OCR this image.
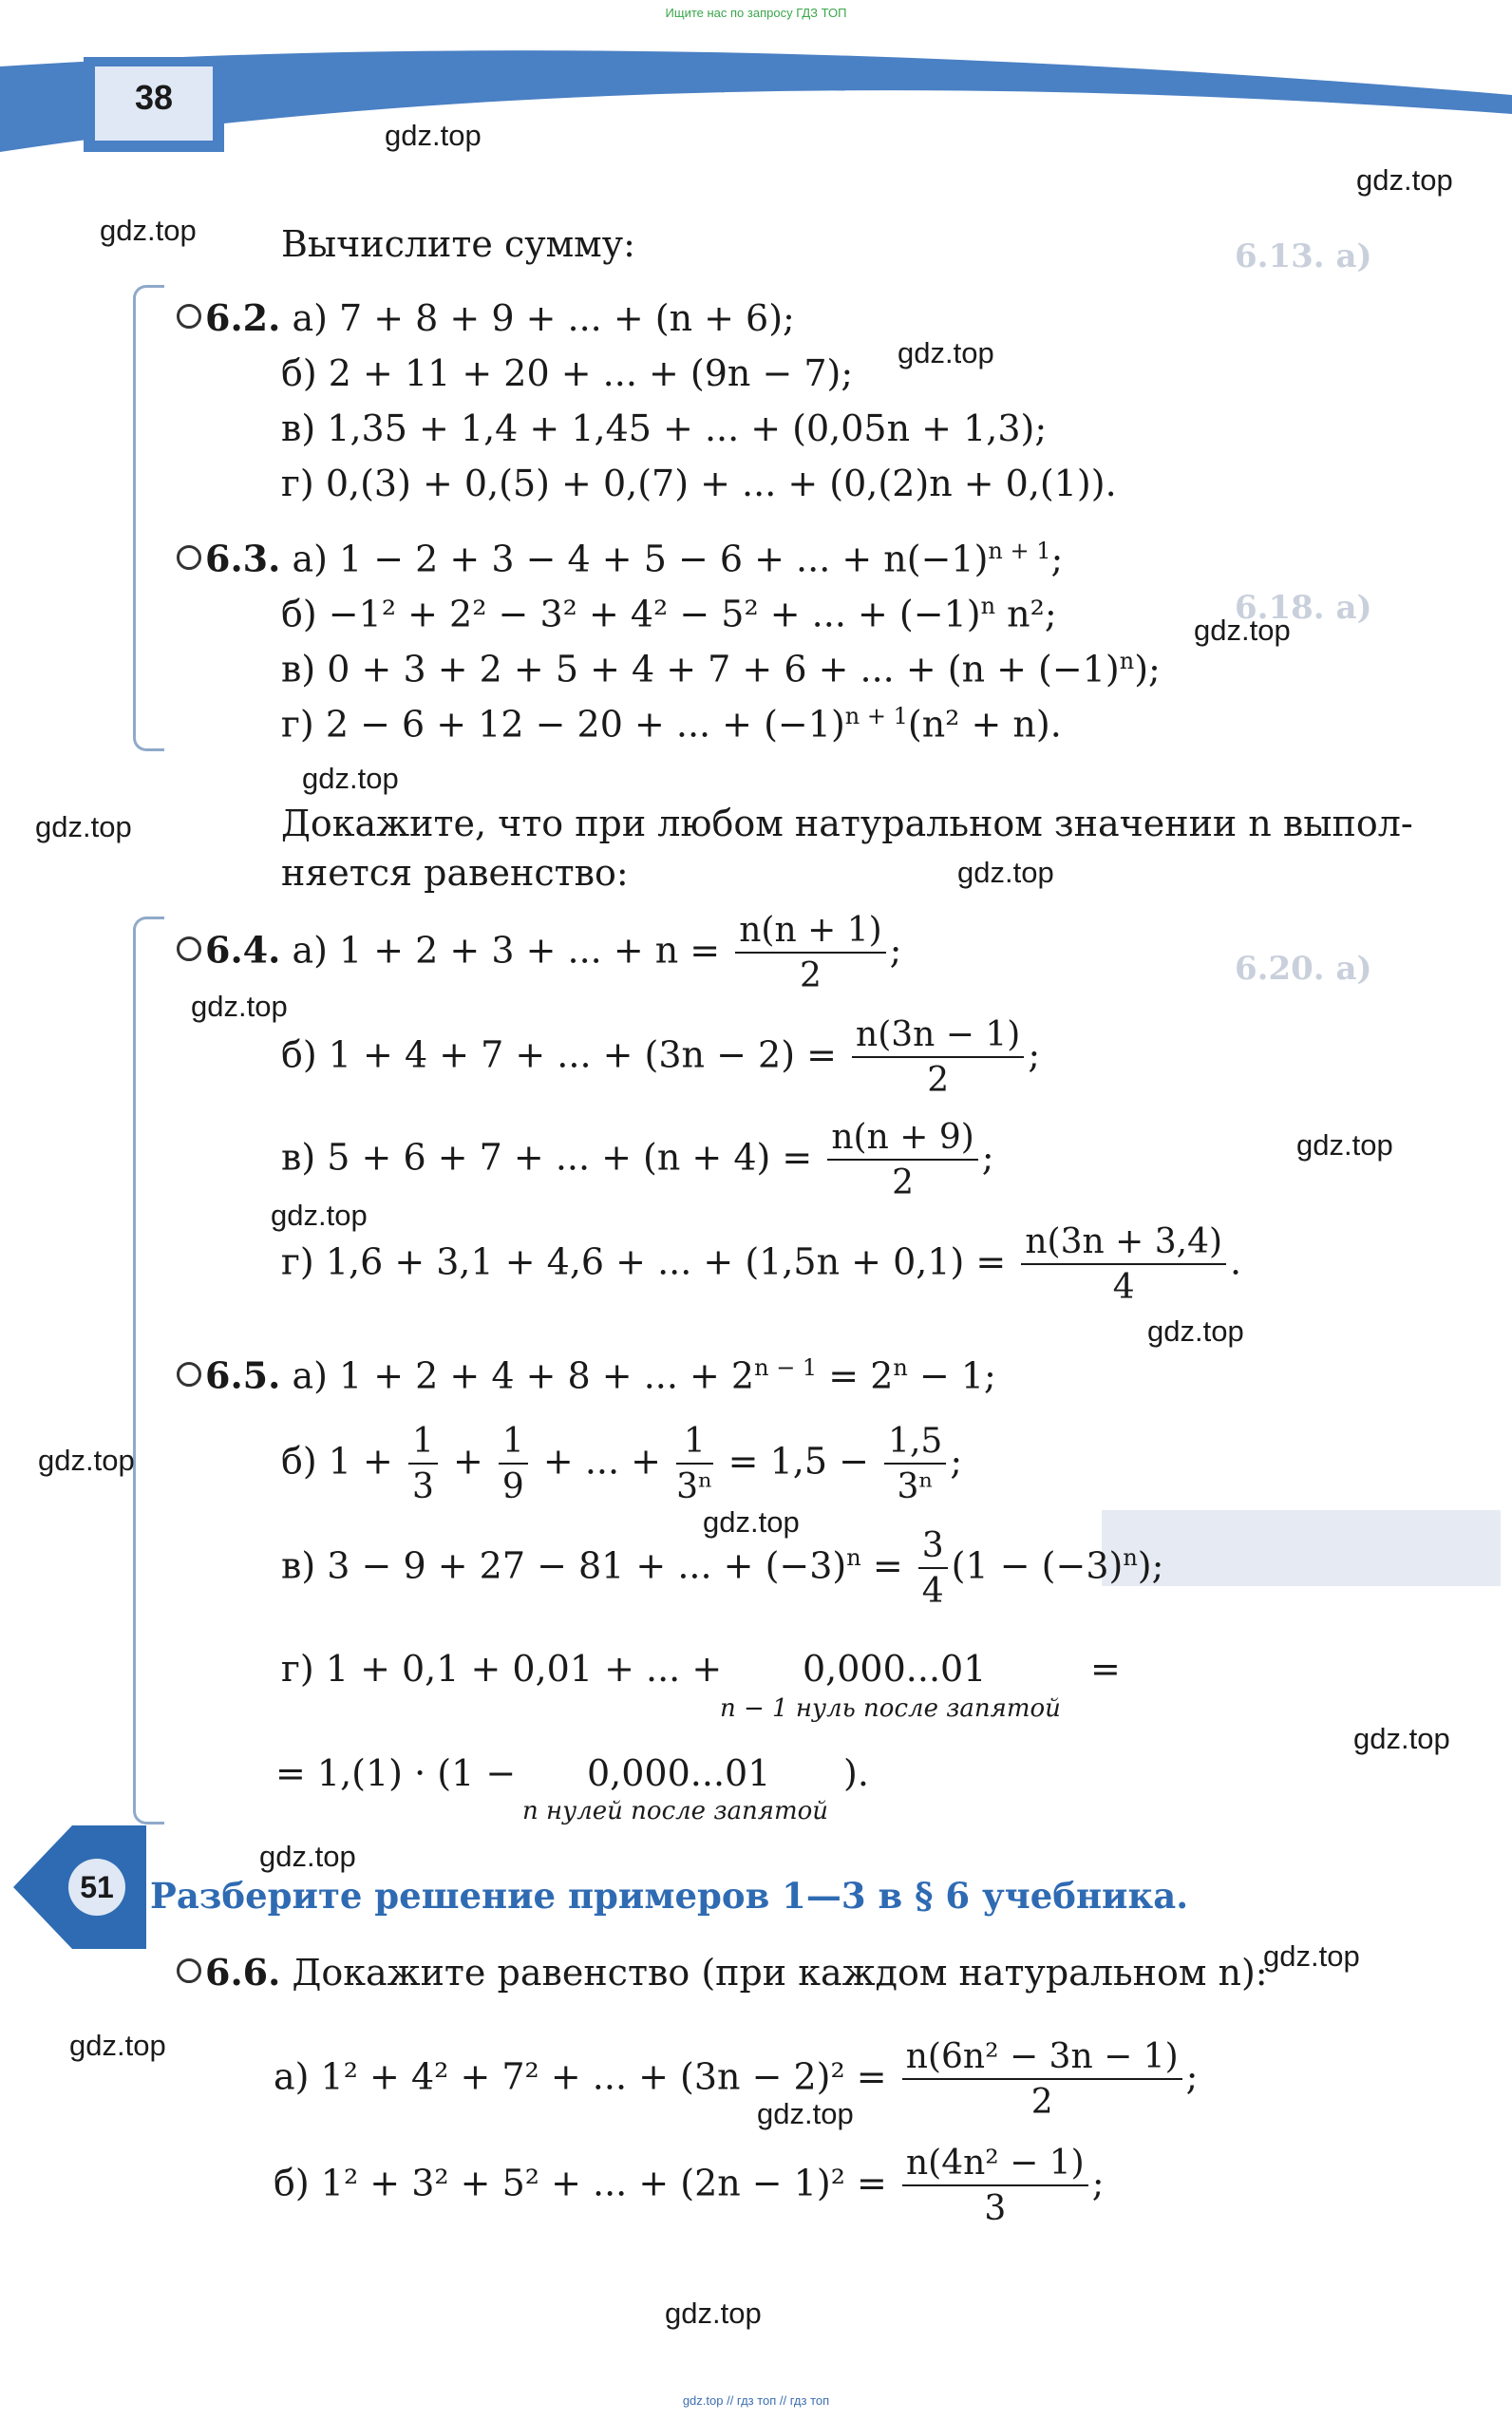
Ищите нас по запросу ГДЗ ТОП
38
6.13. а)
6.18. а)
6.20. а)
gdz.top
gdz.top
gdz.top
gdz.top
gdz.top
gdz.top
gdz.top
gdz.top
gdz.top
gdz.top
gdz.top
gdz.top
gdz.top
gdz.top
gdz.top
gdz.top
gdz.top
gdz.top
gdz.top
gdz.top
Вычислите сумму:
6.2. а) 7 + 8 + 9 + ... + (n + 6);
б) 2 + 11 + 20 + ... + (9n − 7);
в) 1,35 + 1,4 + 1,45 + ... + (0,05n + 1,3);
г) 0,(3) + 0,(5) + 0,(7) + ... + (0,(2)n + 0,(1)).
6.3. а) 1 − 2 + 3 − 4 + 5 − 6 + ... + $n(-1)^{n + 1}$;
б) −1² + 2² − 3² + 4² − 5² + ... + $(-1)^n$ n²;
в) 0 + 3 + 2 + 5 + 4 + 7 + 6 + ... + $(n + (-1)^n)$;
г) 2 − 6 + 12 − 20 + ... + $(-1)^{n + 1}(n^2 + n)$.
Докажите, что при любом натуральном значении n выпол-
няется равенство:
6.4. а) 1 + 2 + 3 + ... + $n = \frac{n(n + 1)}{2}$ ;
б) 1 + 4 + 7 + ... + $(3n - 2) = \frac{n(3n - 1)}{2}$ ;
в) 5 + 6 + 7 + ... + $(n + 4) = \frac{n(n + 9)}{2}$ ;
г) 1,6 + 3,1 + 4,6 + ... + $(1,5n + 0,1) = \frac{n(3n + 3,4)}{4}$ .
6.5. а) 1 + 2 + 4 + 8 + ... + $2^{n - 1} = 2^n - 1$;
б) $1 + \frac{1}{3} + \frac{1}{9}$ + ... + $\frac{1}{\text{3ⁿ}} = 1,5 - \frac{1,5}{\text{3ⁿ}}$ ;
в) 3 − 9 + 27 − 81 + ... + $(-3)^n = \frac{3}{4} (1 - (-3)^n)$;
г) 1 + 0,1 + 0,01 + ... + 0,000...01	=
n − 1 нуль после запятой
= 1,(1) · (1 − 0,000...01 ).
n нулей после запятой
51	Разберите решение примеров 1—3 в § 6 учебника.
6.6. Докажите равенство (при каждом натуральном n):
а) 1² + 4² + 7² + ... + $(3n - 2)^2 = \frac{\text{n(6n² − 3n − 1)}}{2}$ ;
б) 1² + 3² + 5² + ... + $(2n - 1)^2 = \frac{\text{n(4n² − 1)}}{3}$ ;
gdz.top // гдз топ // гдз топ
